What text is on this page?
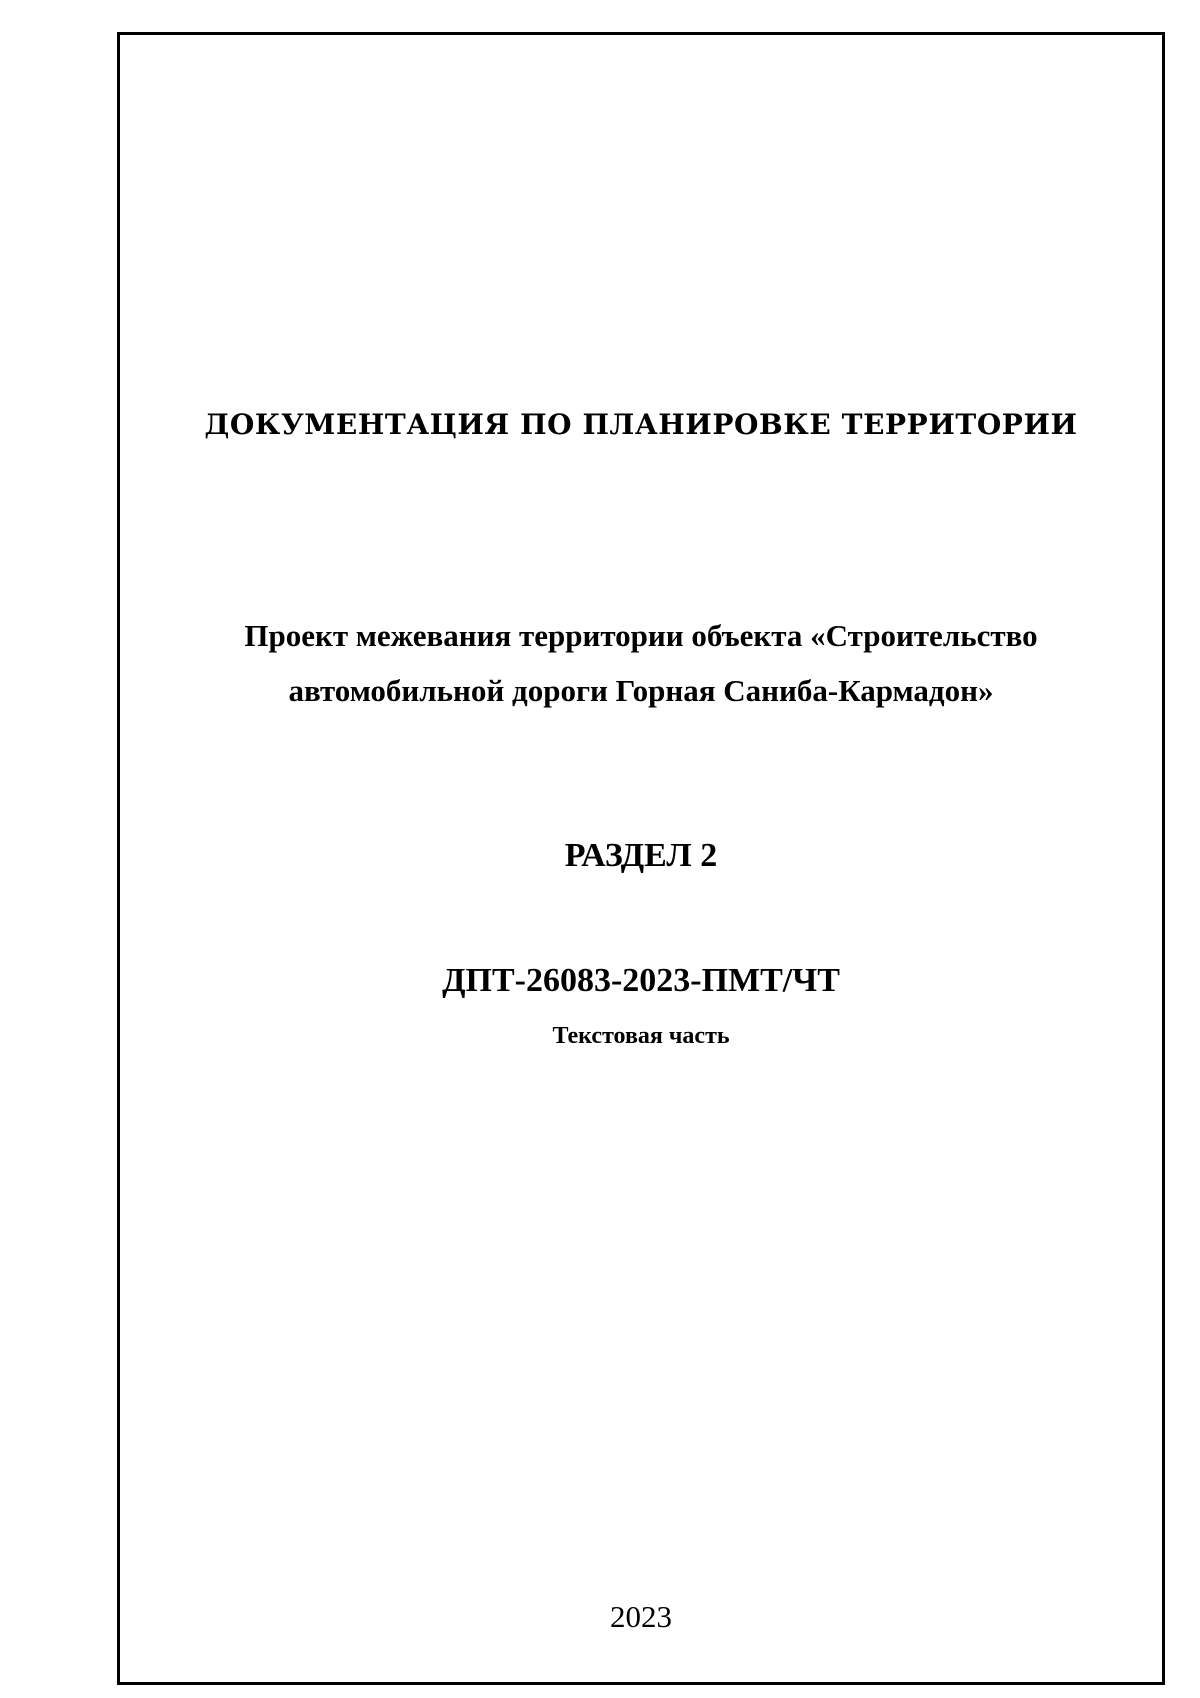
ДОКУМЕНТАЦИЯ ПО ПЛАНИРОВКЕ ТЕРРИТОРИИ
Проект межевания территории объекта «Строительство
автомобильной дороги Горная Саниба-Кармадон»
РАЗДЕЛ 2
ДПТ-26083-2023-ПМТ/ЧТ
Текстовая часть
2023
